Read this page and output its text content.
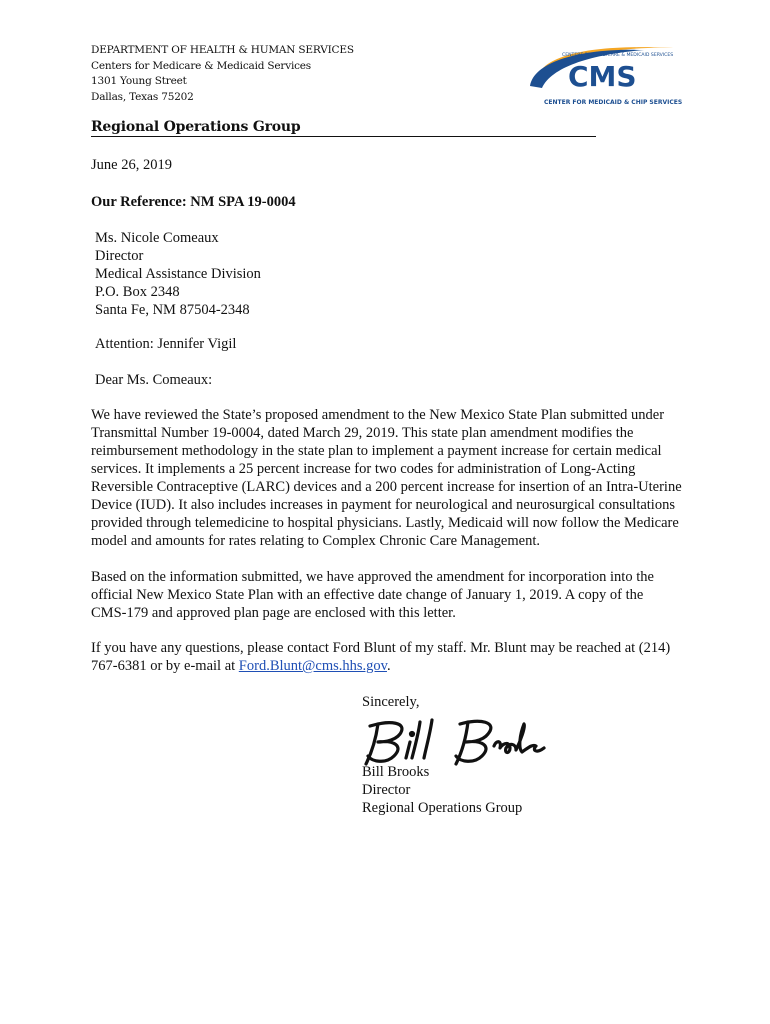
DEPARTMENT OF HEALTH & HUMAN SERVICES
Centers for Medicare & Medicaid Services
1301 Young Street
Dallas, Texas 75202
CENTERS FOR MEDICARE & MEDICAID SERVICES
CMS
CENTER FOR MEDICAID & CHIP SERVICES
Regional Operations Group
June 26, 2019
Our Reference: NM SPA 19-0004
Ms. Nicole Comeaux
Director
Medical Assistance Division
P.O. Box 2348
Santa Fe, NM 87504-2348
Attention: Jennifer Vigil
Dear Ms. Comeaux:
We have reviewed the State’s proposed amendment to the New Mexico State Plan submitted under
Transmittal Number 19-0004, dated March 29, 2019. This state plan amendment modifies the
reimbursement methodology in the state plan to implement a payment increase for certain medical
services. It implements a 25 percent increase for two codes for administration of Long-Acting
Reversible Contraceptive (LARC) devices and a 200 percent increase for insertion of an Intra-Uterine
Device (IUD). It also includes increases in payment for neurological and neurosurgical consultations
provided through telemedicine to hospital physicians. Lastly, Medicaid will now follow the Medicare
model and amounts for rates relating to Complex Chronic Care Management.
Based on the information submitted, we have approved the amendment for incorporation into the
official New Mexico State Plan with an effective date change of January 1, 2019. A copy of the
CMS-179 and approved plan page are enclosed with this letter.
If you have any questions, please contact Ford Blunt of my staff. Mr. Blunt may be reached at (214)
767-6381 or by e-mail at Ford.Blunt@cms.hhs.gov.
Sincerely,
Bill Brooks
Director
Regional Operations Group
